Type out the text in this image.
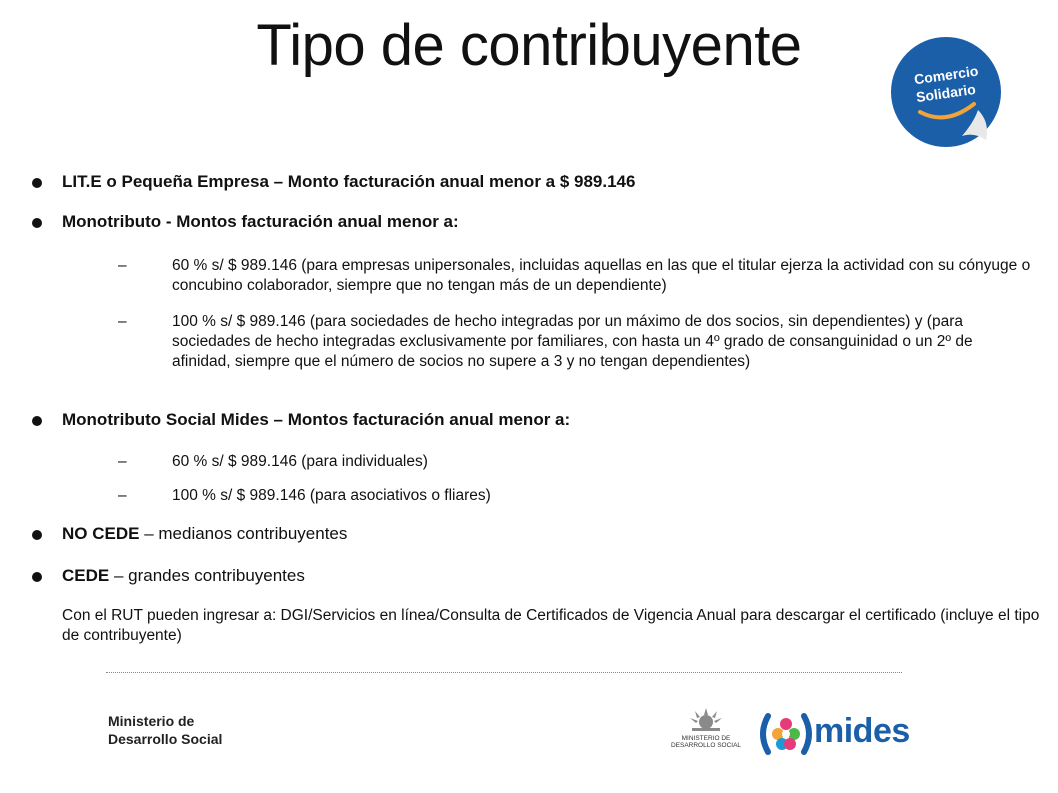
Tipo de contribuyente	Comercio
Solidario
LIT.E o Pequeña Empresa – Monto facturación anual menor a $ 989.146
Monotributo - Montos facturación anual menor a:
–	60 % s/ $ 989.146 (para empresas unipersonales, incluidas aquellas en las que el titular ejerza la actividad con su cónyuge o concubino colaborador, siempre que no tengan más de un dependiente)
–	100 % s/ $ 989.146 (para sociedades de hecho integradas por un máximo de dos socios, sin dependientes) y (para sociedades de hecho integradas exclusivamente por familiares, con hasta un 4º grado de consanguinidad o un 2º de afinidad, siempre que el número de socios no supere a 3 y no tengan dependientes)
Monotributo Social Mides – Montos facturación anual menor a:
–	60 % s/ $ 989.146 (para individuales)
–	100 % s/ $ 989.146 (para asociativos o fliares)
NO CEDE – medianos contribuyentes
CEDE – grandes contribuyentes
Con el RUT pueden ingresar a: DGI/Servicios en línea/Consulta de Certificados de Vigencia Anual para descargar el certificado (incluye el tipo de contribuyente)
Ministerio de
Desarrollo Social	MINISTERIO DE
DESARROLLO SOCIAL mides
